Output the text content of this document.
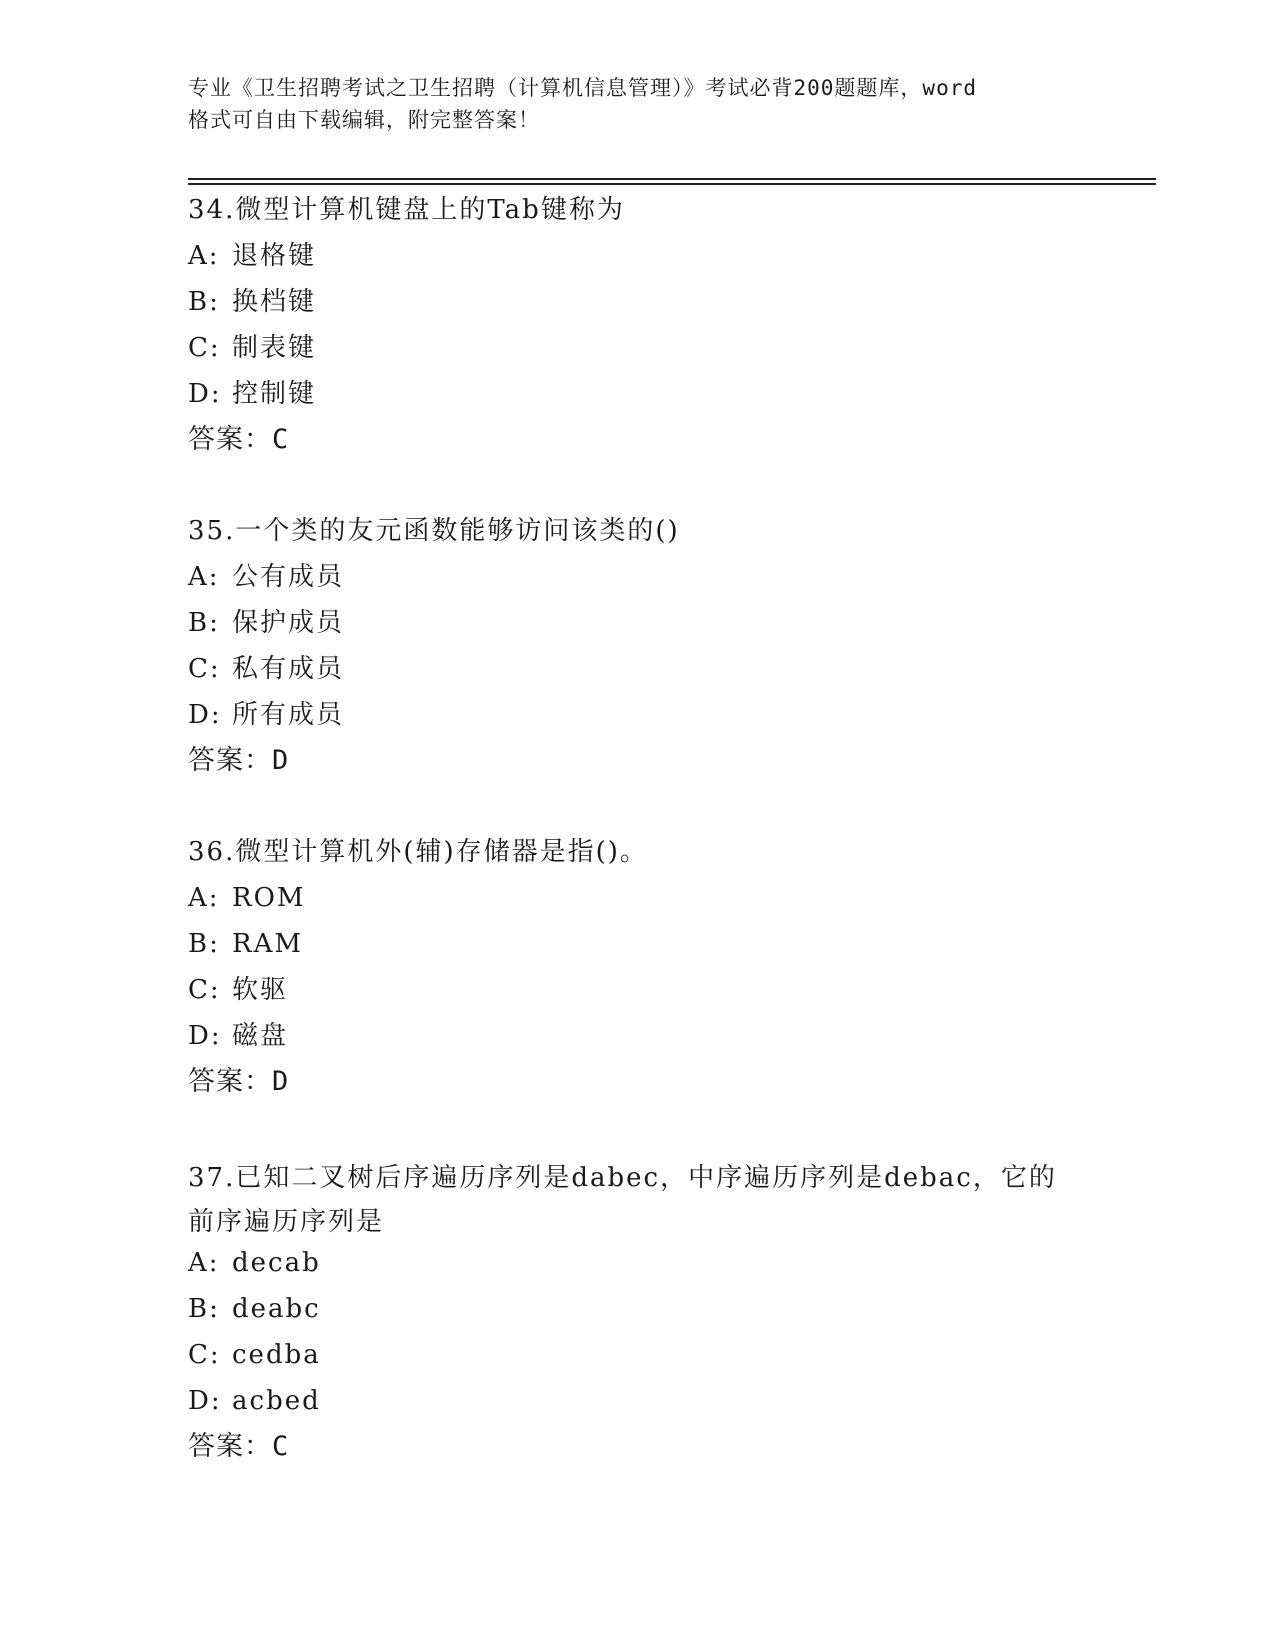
专业《卫生招聘考试之卫生招聘（计算机信息管理）》考试必背200题题库，word
格式可自由下载编辑，附完整答案！
34.微型计算机键盘上的Tab键称为
A: 退格键
B: 换档键
C: 制表键
D: 控制键
答案：C
35.一个类的友元函数能够访问该类的()
A: 公有成员
B: 保护成员
C: 私有成员
D: 所有成员
答案：D
36.微型计算机外(辅)存储器是指()。
A: ROM
B: RAM
C: 软驱
D: 磁盘
答案：D
37.已知二叉树后序遍历序列是dabec，中序遍历序列是debac，它的前序遍历序列是
A: decab
B: deabc
C: cedba
D: acbed
答案：C
